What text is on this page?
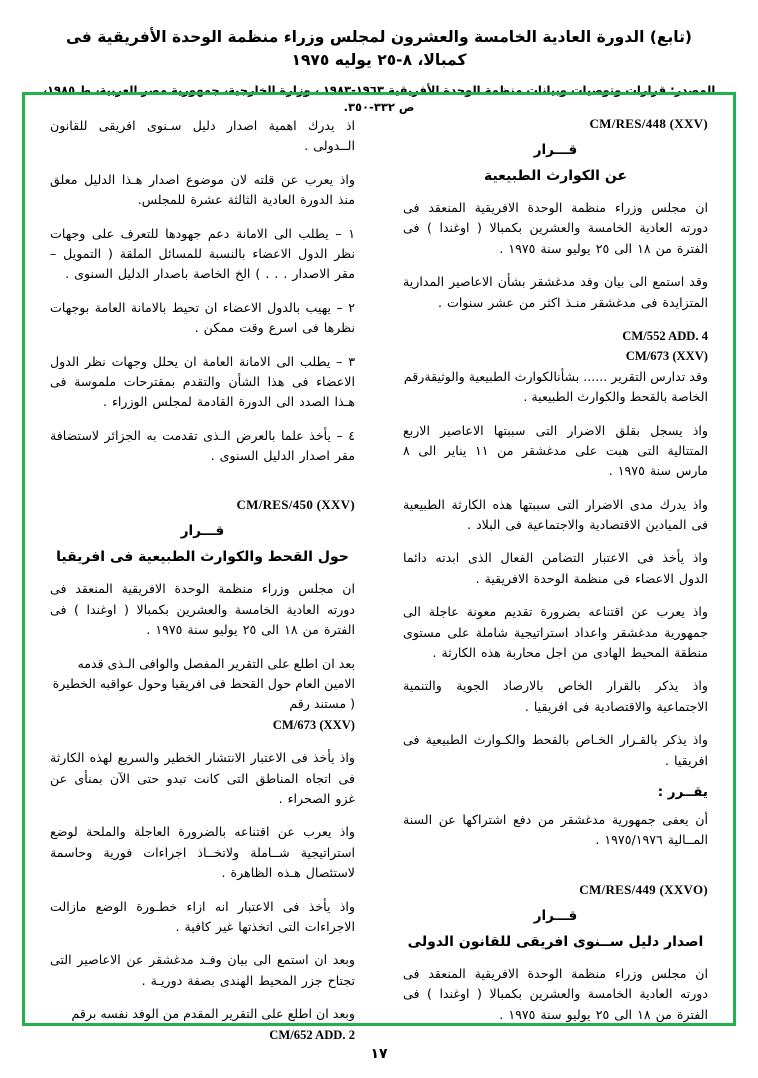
(تابع) الدورة العادية الخامسة والعشرون لمجلس وزراء منظمة الوحدة الأفريقية فى كمبالا، ٨-٢٥ يوليه ١٩٧٥
المصدر: قرارات وتوصيات وبيانات منظمة الوحدة الأفريقية ١٩٦٣-١٩٨٣ ، وزارة الخارجية، جمهورية مصر العربية، ط ١٩٨٥، ص ٣٣٢-٣٥٠.
CM/RES/448 (XXV)
قـــرار
عن الكوارث الطبيعية

ان مجلس وزراء منظمة الوحدة الافريقية المنعقد فى دورته العادية الخامسة والعشرين بكمبالا ( اوغندا ) فى الفترة من ١٨ الى ٢٥ يوليو سنة ١٩٧٥ .

وقد استمع الى بيان وفد مدغشقر بشأن الاعاصير المدارية المتزايدة فى مدغشقر منـذ اكثر من عشر سنوات .

CM/552 ADD. 4
CM/673 (XXV)
وقد تدارس التقرير ...... بشأنالكوارث الطبيعية والوثيقةرقم الخاصة بالقحط والكوارث الطبيعية .

واذ يسجل بقلق الاضرار التى سببتها الاعاصير الاربع المتتالية التى هبت على مدغشقر من ١١ يناير الى ٨ مارس سنة ١٩٧٥ .

واذ يدرك مدى الاضرار التى سببتها هذه الكارثة الطبيعية فى الميادين الاقتصادية والاجتماعية فى البلاد .

واذ يأخذ فى الاعتبار التضامن الفعال الذى ابدته دائما الدول الاعضاء فى منظمة الوحدة الافريقية .

واذ يعرب عن اقتناعه بضرورة تقديم معونة عاجلة الى جمهورية مدغشقر واعداد استراتيجية شاملة على مستوى منطقة المحيط الهادى من اجل محاربة هذه الكارثة .

واذ يذكر بالقرار الخاص بالارصاد الجوية والتنمية الاجتماعية والاقتصادية فى افريقيا .

واذ يذكر بالقـرار الخـاص بالقحط والكـوارث الطبيعية فى افريقيا .

يقــرر :

أن يعفى جمهورية مدغشقر من دفع اشتراكها عن السنة المــالية ١٩٧٥/١٩٧٦ .

CM/RES/449 (XXVO)
قـــرار
اصدار دليل ســنوى افريقى للقانون الدولى

ان مجلس وزراء منظمة الوحدة الافريقية المنعقد فى دورته العادية الخامسة والعشرين بكمبالا ( اوغندا ) فى الفترة من ١٨ الى ٢٥ يوليو سنة ١٩٧٥ .

اذ يدرك اهمية اصدار دليل سـنوى افريقى للقانون الــدولى .

واذ يعرب عن قلته لان موضوع اصدار هـذا الدليل معلق منذ الدورة العادية الثالثة عشرة للمجلس.

١ – يطلب الى الامانة دعم جهودها للتعرف على وجهات نظر الدول الاعضاء بالنسبة للمسائل الملقة ( التمويل – مقر الاصدار . . . ) الخ الخاصة باصدار الدليل السنوى .

٢ – يهيب بالدول الاعضاء ان تحيط بالامانة العامة بوجهات نظرها فى اسرع وقت ممكن .

٣ – يطلب الى الامانة العامة ان يحلل وجهات نظر الدول الاعضاء فى هذا الشأن والتقدم بمقترحات ملموسة فى هـذا الصدد الى الدورة القادمة لمجلس الوزراء .

٤ – يأخذ علما بالعرض الـذى تقدمت به الجزائر لاستضافة مقر اصدار الدليل السنوى .

CM/RES/450 (XXV)
قـــرار
حول القحط والكوارث الطبيعية فى افريقيا

ان مجلس وزراء منظمة الوحدة الافريقية المنعقد فى دورته العادية الخامسة والعشرين بكمبالا ( اوغندا ) فى الفترة من ١٨ الى ٢٥ يوليو سنة ١٩٧٥ .

بعد ان اطلع على التقرير المفصل والوافى الـذى قدمه الامين العام حول القحط فى افريقيا وحول عواقبه الخطيرة ( مستند رقم
CM/673 (XXV)

واذ يأخذ فى الاعتبار الانتشار الخطير والسريع لهذه الكارثة فى اتجاه المناطق التى كانت تبدو حتى الآن بمنأى عن غزو الصحراء .

واذ يعرب عن اقتناعه بالضرورة العاجلة والملحة لوضع استراتيجية شــاملة ولاتخــاذ اجراءات فورية وحاسمة لاستئصال هـذه الظاهرة .

واذ يأخذ فى الاعتبار انه ازاء خطـورة الوضع مازالت الاجراءات التى اتخذتها غير كافية .

وبعد ان استمع الى بيان وفـد مدغشقر عن الاعاصير التى تجتاح جزر المحيط الهندى بصفة دوريـة .

وبعد ان اطلع على التقرير المقدم من الوفد نفسه برقم
CM/652 ADD. 2
١٧
